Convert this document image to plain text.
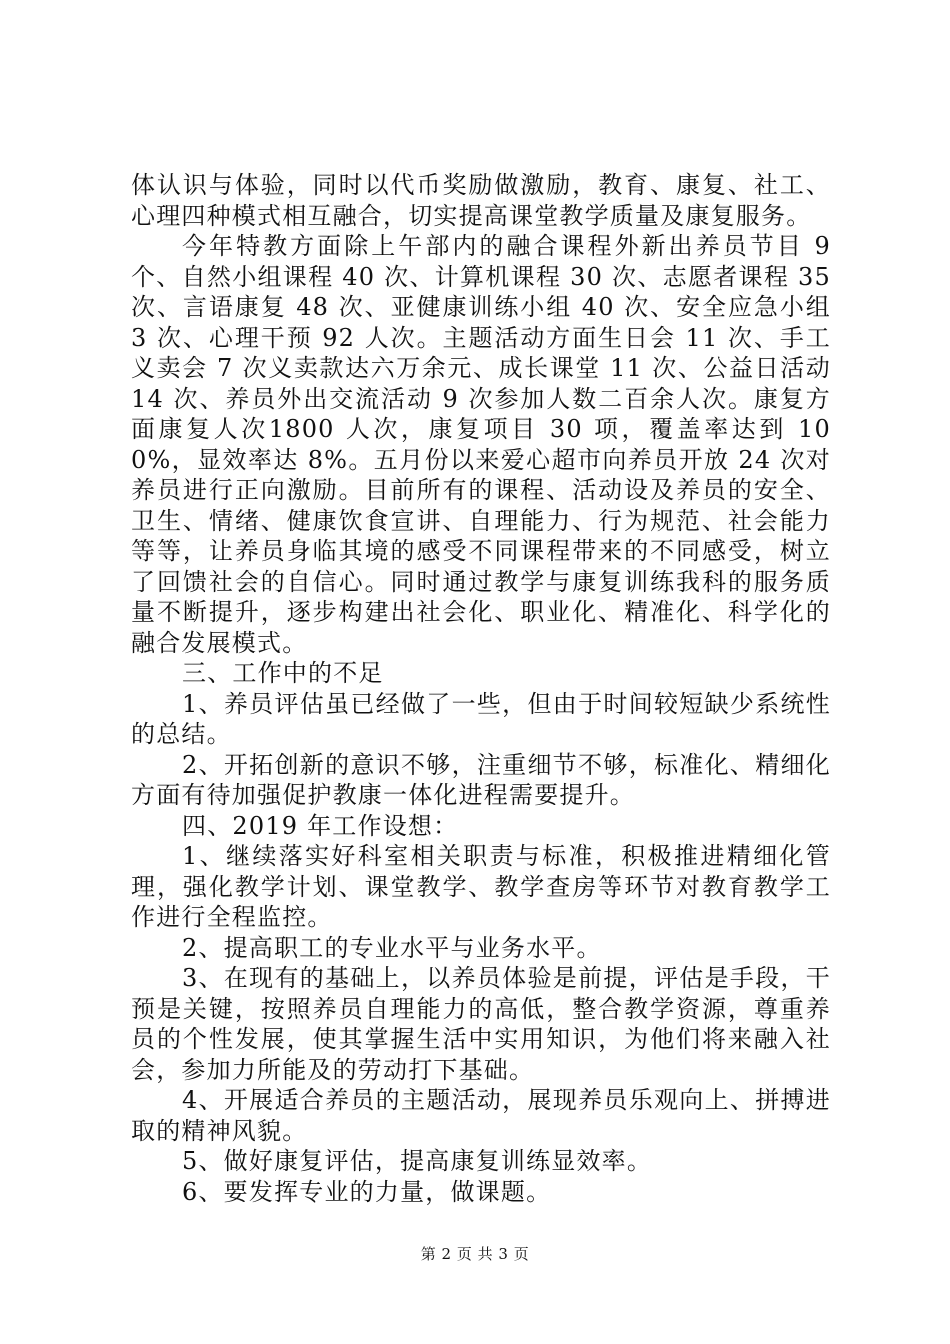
体认识与体验，同时以代币奖励做激励，教育、康复、社工、心理四种模式相互融合，切实提高课堂教学质量及康复服务。

今年特教方面除上午部内的融合课程外新出养员节目 9 个、自然小组课程 40 次、计算机课程 30 次、志愿者课程 35 次、言语康复 48 次、亚健康训练小组 40 次、安全应急小组 3 次、心理干预 92 人次。主题活动方面生日会 11 次、手工义卖会 7 次义卖款达六万余元、成长课堂 11 次、公益日活动 14 次、养员外出交流活动 9 次参加人数二百余人次。康复方面康复人次1800 人次，康复项目 30 项，覆盖率达到 100%，显效率达 8%。五月份以来爱心超市向养员开放 24 次对养员进行正向激励。目前所有的课程、活动设及养员的安全、卫生、情绪、健康饮食宣讲、自理能力、行为规范、社会能力等等，让养员身临其境的感受不同课程带来的不同感受，树立了回馈社会的自信心。同时通过教学与康复训练我科的服务质量不断提升，逐步构建出社会化、职业化、精准化、科学化的融合发展模式。

三、工作中的不足

1、养员评估虽已经做了一些，但由于时间较短缺少系统性的总结。

2、开拓创新的意识不够，注重细节不够，标准化、精细化方面有待加强促护教康一体化进程需要提升。

四、2019 年工作设想：

1、继续落实好科室相关职责与标准，积极推进精细化管理，强化教学计划、课堂教学、教学查房等环节对教育教学工作进行全程监控。

2、提高职工的专业水平与业务水平。

3、在现有的基础上，以养员体验是前提，评估是手段，干预是关键，按照养员自理能力的高低，整合教学资源，尊重养员的个性发展，使其掌握生活中实用知识，为他们将来融入社会，参加力所能及的劳动打下基础。

4、开展适合养员的主题活动，展现养员乐观向上、拼搏进取的精神风貌。

5、做好康复评估，提高康复训练显效率。

6、要发挥专业的力量，做课题。

第 2 页 共 3 页
